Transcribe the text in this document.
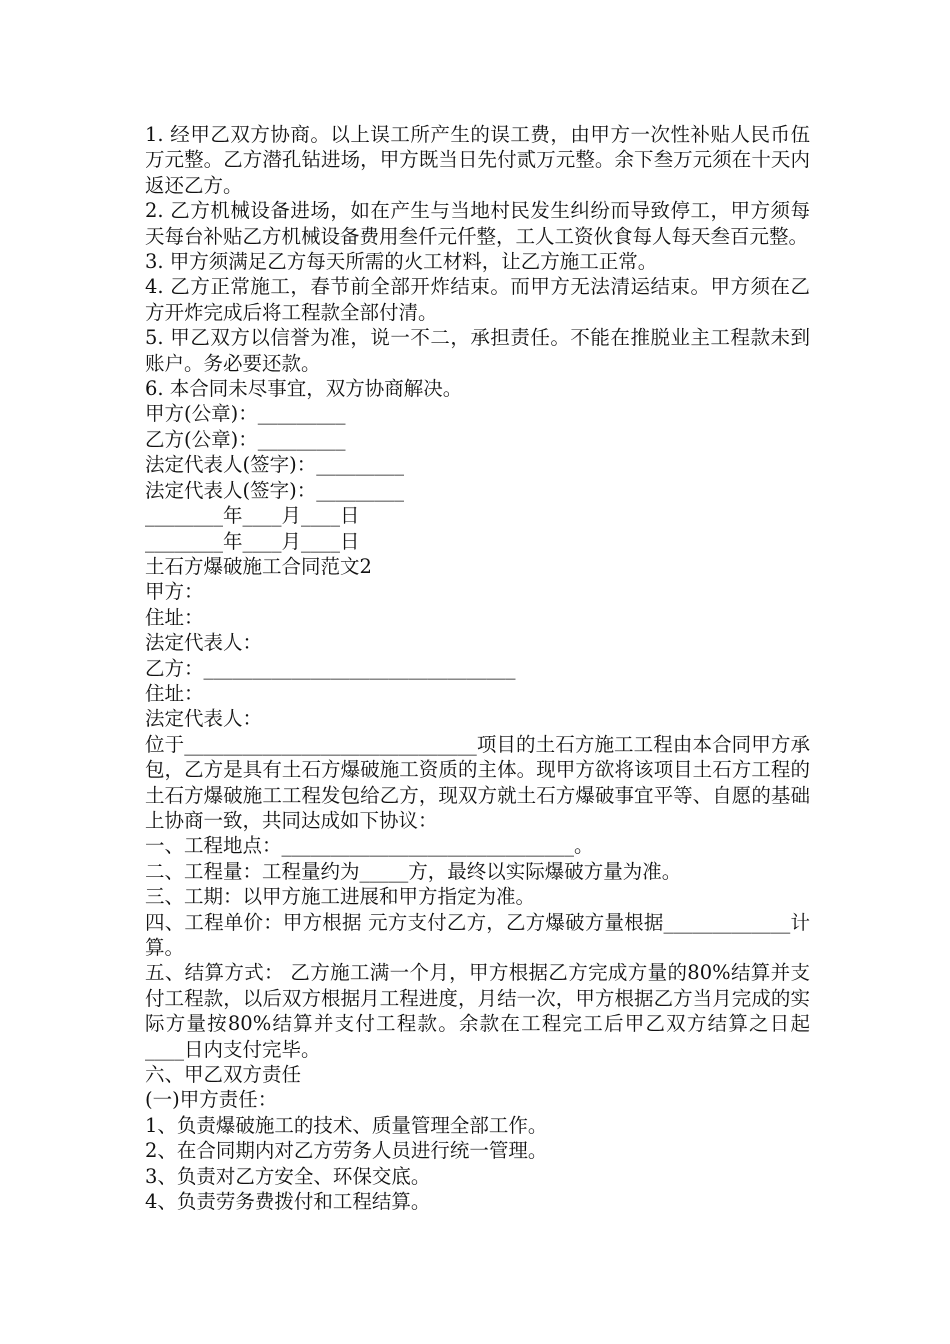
1. 经甲乙双方协商。以上误工所产生的误工费，由甲方一次性补贴人民币伍万元整。乙方潜孔钻进场，甲方既当日先付贰万元整。余下叁万元须在十天内返还乙方。
2. 乙方机械设备进场，如在产生与当地村民发生纠纷而导致停工，甲方须每天每台补贴乙方机械设备费用叁仟元仟整，工人工资伙食每人每天叁百元整。
3. 甲方须满足乙方每天所需的火工材料，让乙方施工正常。
4. 乙方正常施工，春节前全部开炸结束。而甲方无法清运结束。甲方须在乙方开炸完成后将工程款全部付清。
5. 甲乙双方以信誉为准，说一不二，承担责任。不能在推脱业主工程款未到账户。务必要还款。
6. 本合同未尽事宜，双方协商解决。
甲方(公章)：_________
乙方(公章)：_________
法定代表人(签字)：_________
法定代表人(签字)：_________
________年____月____日
________年____月____日
土石方爆破施工合同范文2
甲方：
住址：
法定代表人：
乙方：________________________________
住址：
法定代表人：
位于______________________________项目的土石方施工工程由本合同甲方承包，乙方是具有土石方爆破施工资质的主体。现甲方欲将该项目土石方工程的土石方爆破施工工程发包给乙方，现双方就土石方爆破事宜平等、自愿的基础上协商一致，共同达成如下协议：
一、工程地点：______________________________。
二、工程量：工程量约为_____方，最终以实际爆破方量为准。
三、工期：以甲方施工进展和甲方指定为准。
四、工程单价：甲方根据 元方支付乙方，乙方爆破方量根据_____________计算。
五、结算方式： 乙方施工满一个月，甲方根据乙方完成方量的80%结算并支付工程款，以后双方根据月工程进度，月结一次，甲方根据乙方当月完成的实际方量按80%结算并支付工程款。余款在工程完工后甲乙双方结算之日起____日内支付完毕。
六、甲乙双方责任
(一)甲方责任：
1、负责爆破施工的技术、质量管理全部工作。
2、在合同期内对乙方劳务人员进行统一管理。
3、负责对乙方安全、环保交底。
4、负责劳务费拨付和工程结算。
